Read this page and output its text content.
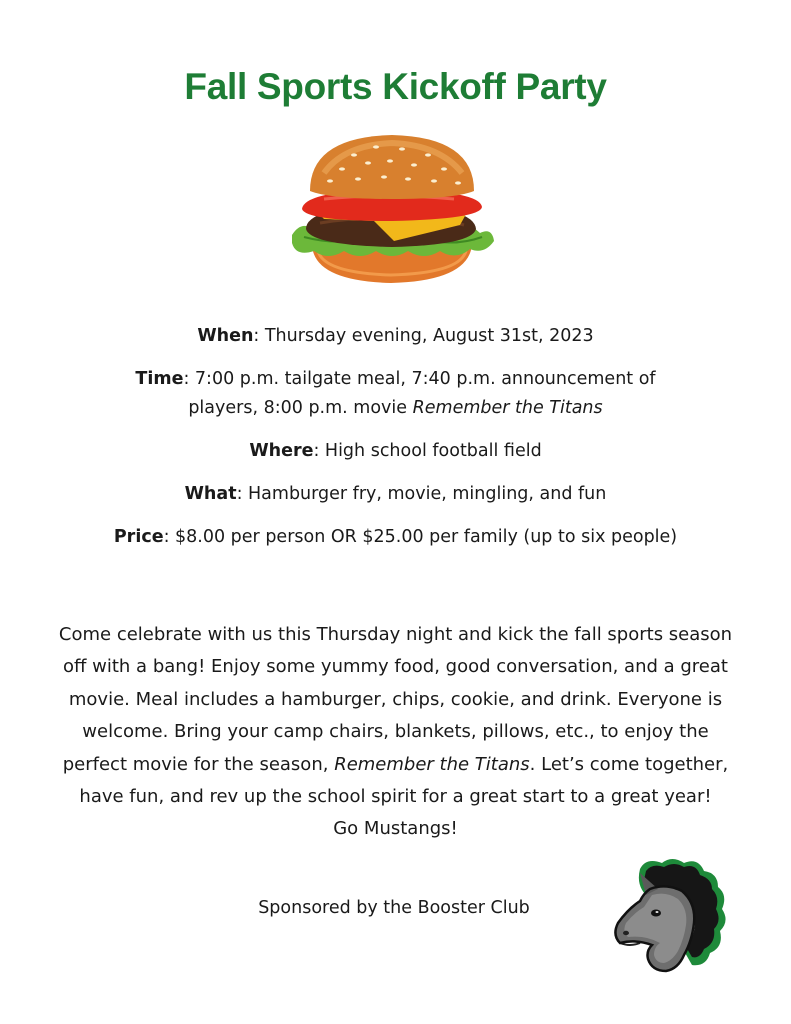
Fall Sports Kickoff Party

When: Thursday evening, August 31st, 2023

Time: 7:00 p.m. tailgate meal, 7:40 p.m. announcement of
players, 8:00 p.m. movie Remember the Titans

Where: High school football field

What: Hamburger fry, movie, mingling, and fun

Price: $8.00 per person OR $25.00 per family (up to six people)

Come celebrate with us this Thursday night and kick the fall sports season off with a bang! Enjoy some yummy food, good conversation, and a great movie. Meal includes a hamburger, chips, cookie, and drink. Everyone is welcome. Bring your camp chairs, blankets, pillows, etc., to enjoy the perfect movie for the season, Remember the Titans. Let’s come together, have fun, and rev up the school spirit for a great start to a great year!
Go Mustangs!

Sponsored by the Booster Club
